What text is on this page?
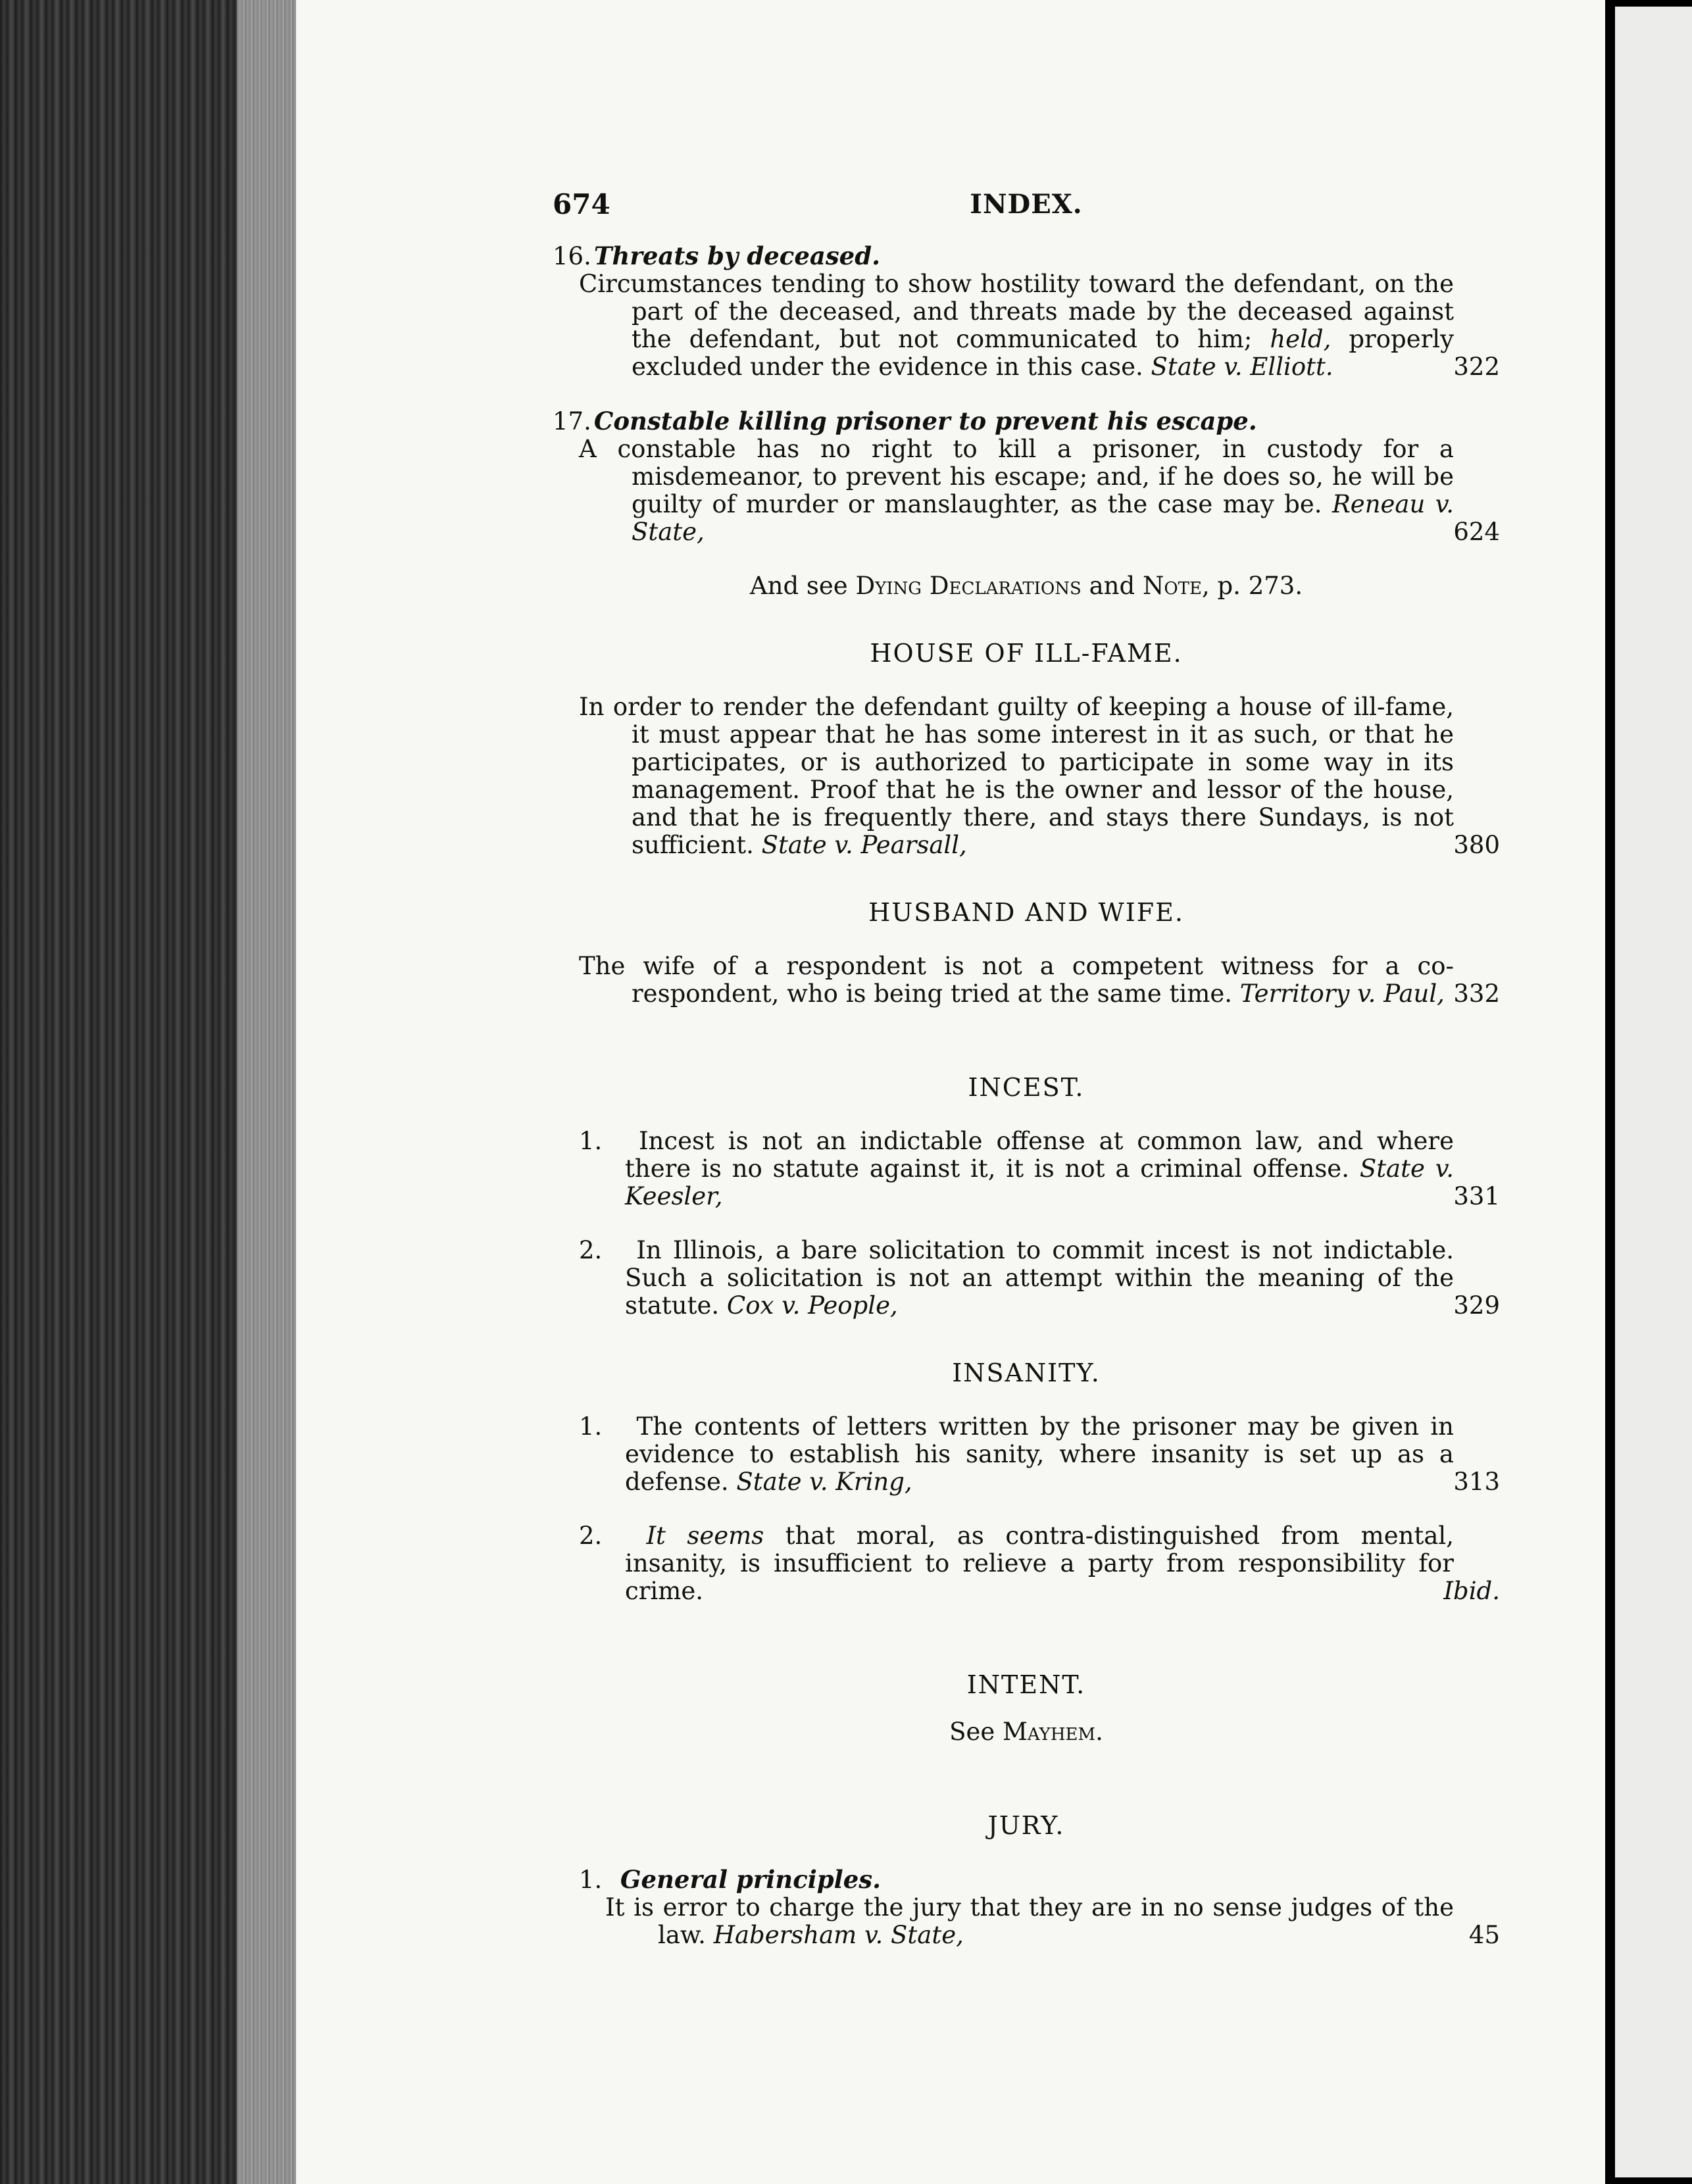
674	INDEX.
16. Threats by deceased.
Circumstances tending to show hostility toward the defendant, on the part of the deceased, and threats made by the deceased against the defendant, but not communicated to him; held, properly excluded under the evidence in this case. State v. Elliott.	322
17. Constable killing prisoner to prevent his escape.
A constable has no right to kill a prisoner, in custody for a misdemeanor, to prevent his escape; and, if he does so, he will be guilty of murder or manslaughter, as the case may be. Reneau v. State,	624
And see Dying Declarations and Note, p. 273.
HOUSE OF ILL-FAME.
In order to render the defendant guilty of keeping a house of ill-fame, it must appear that he has some interest in it as such, or that he participates, or is authorized to participate in some way in its management. Proof that he is the owner and lessor of the house, and that he is frequently there, and stays there Sundays, is not sufficient. State v. Pearsall,	380
HUSBAND AND WIFE.
The wife of a respondent is not a competent witness for a co-respondent, who is being tried at the same time. Territory v. Paul, 332
INCEST.
1. Incest is not an indictable offense at common law, and where there is no statute against it, it is not a criminal offense. State v. Keesler,	331
2. In Illinois, a bare solicitation to commit incest is not indictable. Such a solicitation is not an attempt within the meaning of the statute. Cox v. People,	329
INSANITY.
1. The contents of letters written by the prisoner may be given in evidence to establish his sanity, where insanity is set up as a defense. State v. Kring,	313
2. It seems that moral, as contra-distinguished from mental, insanity, is insufficient to relieve a party from responsibility for crime.	Ibid.
INTENT.
See Mayhem.
JURY.
1. General principles.
It is error to charge the jury that they are in no sense judges of the law. Habersham v. State,	45
